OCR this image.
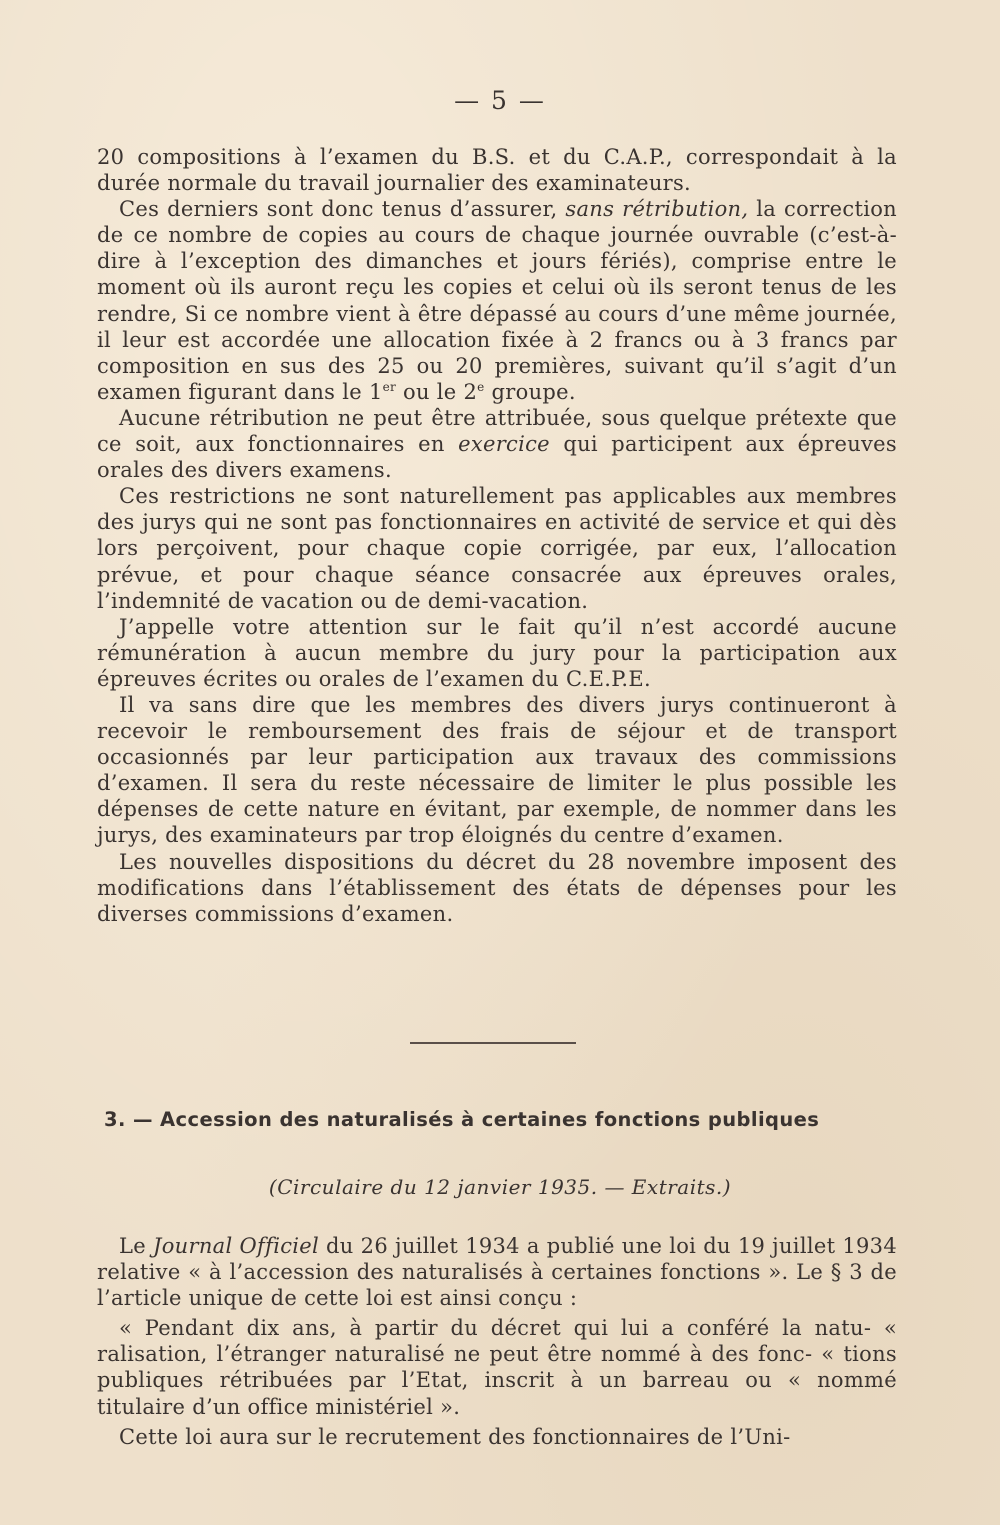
— 5 —

20 compositions à l’examen du B.S. et du C.A.P., correspondait à la durée normale du travail journalier des examinateurs.

Ces derniers sont donc tenus d’assurer, sans rétribution, la correction de ce nombre de copies au cours de chaque journée ouvrable (c’est-à-dire à l’exception des dimanches et jours fériés), comprise entre le moment où ils auront reçu les copies et celui où ils seront tenus de les rendre, Si ce nombre vient à être dépassé au cours d’une même journée, il leur est accordée une allocation fixée à 2 francs ou à 3 francs par composition en sus des 25 ou 20 premières, suivant qu’il s’agit d’un examen figurant dans le 1er ou le 2e groupe.

Aucune rétribution ne peut être attribuée, sous quelque prétexte que ce soit, aux fonctionnaires en exercice qui participent aux épreuves orales des divers examens.

Ces restrictions ne sont naturellement pas applicables aux membres des jurys qui ne sont pas fonctionnaires en activité de service et qui dès lors perçoivent, pour chaque copie corrigée, par eux, l’allocation prévue, et pour chaque séance consacrée aux épreuves orales, l’indemnité de vacation ou de demi-vacation.

J’appelle votre attention sur le fait qu’il n’est accordé aucune rémunération à aucun membre du jury pour la participation aux épreuves écrites ou orales de l’examen du C.E.P.E.

Il va sans dire que les membres des divers jurys continueront à recevoir le remboursement des frais de séjour et de transport occasionnés par leur participation aux travaux des commissions d’examen. Il sera du reste nécessaire de limiter le plus possible les dépenses de cette nature en évitant, par exemple, de nommer dans les jurys, des examinateurs par trop éloignés du centre d’examen.

Les nouvelles dispositions du décret du 28 novembre imposent des modifications dans l’établissement des états de dépenses pour les diverses commissions d’examen.

3. — Accession des naturalisés à certaines fonctions publiques
(Circulaire du 12 janvier 1935. — Extraits.)

Le Journal Officiel du 26 juillet 1934 a publié une loi du 19 juillet 1934 relative « à l’accession des naturalisés à certaines fonctions ». Le § 3 de l’article unique de cette loi est ainsi conçu :

« Pendant dix ans, à partir du décret qui lui a conféré la natu- « ralisation, l’étranger naturalisé ne peut être nommé à des fonc- « tions publiques rétribuées par l’Etat, inscrit à un barreau ou « nommé titulaire d’un office ministériel ».

Cette loi aura sur le recrutement des fonctionnaires de l’Uni-
